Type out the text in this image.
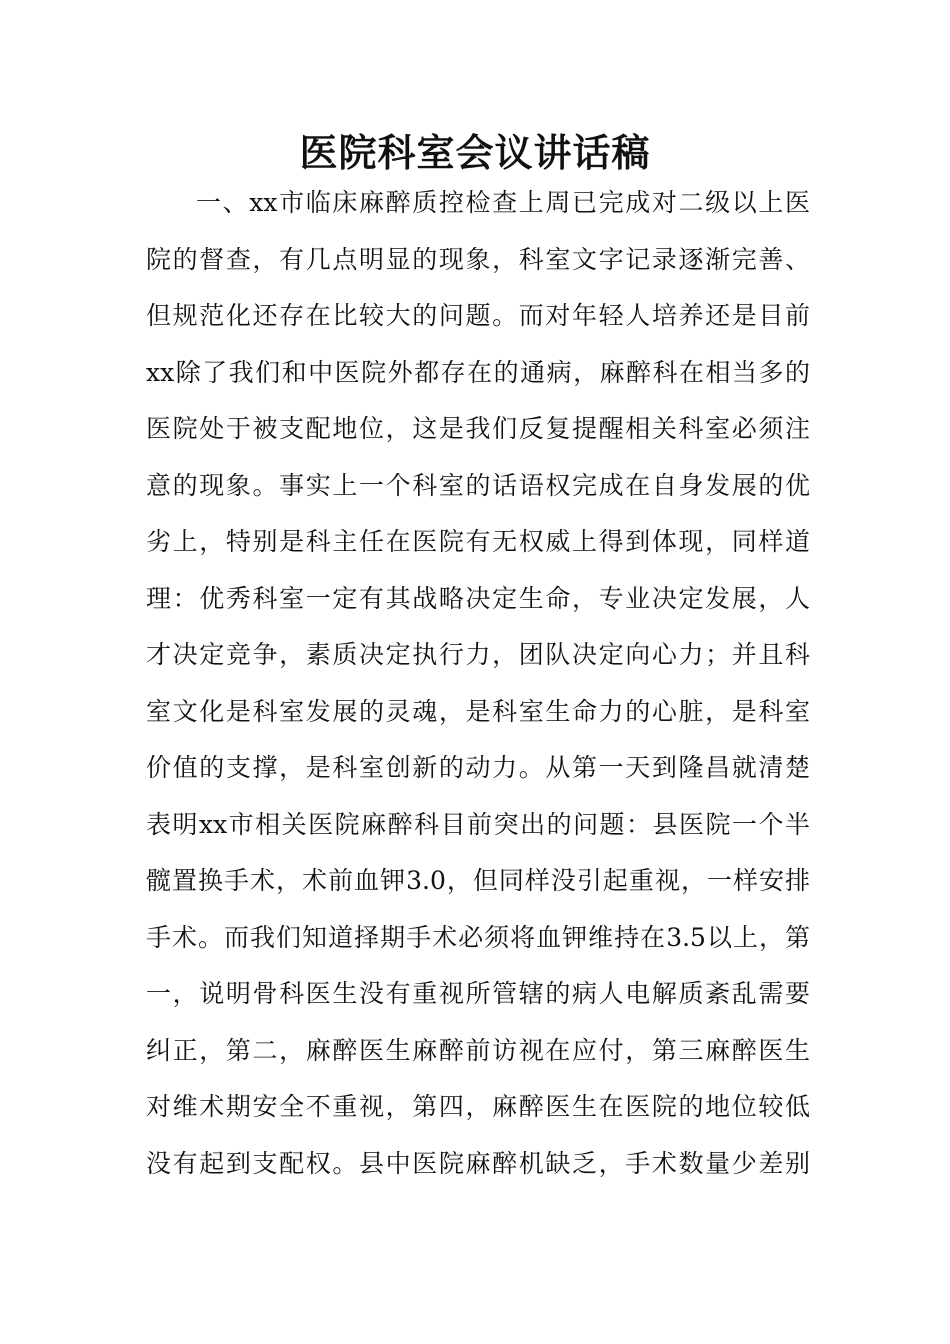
医院科室会议讲话稿
一、xx市临床麻醉质控检查上周已完成对二级以上医
院的督查，有几点明显的现象，科室文字记录逐渐完善、
但规范化还存在比较大的问题。而对年轻人培养还是目前
xx除了我们和中医院外都存在的通病，麻醉科在相当多的
医院处于被支配地位，这是我们反复提醒相关科室必须注
意的现象。事实上一个科室的话语权完成在自身发展的优
劣上，特别是科主任在医院有无权威上得到体现，同样道
理：优秀科室一定有其战略决定生命，专业决定发展，人
才决定竞争，素质决定执行力，团队决定向心力；并且科
室文化是科室发展的灵魂，是科室生命力的心脏，是科室
价值的支撑，是科室创新的动力。从第一天到隆昌就清楚
表明xx市相关医院麻醉科目前突出的问题：县医院一个半
髋置换手术，术前血钾3.0，但同样没引起重视，一样安排
手术。而我们知道择期手术必须将血钾维持在3.5以上，第
一，说明骨科医生没有重视所管辖的病人电解质紊乱需要
纠正，第二，麻醉医生麻醉前访视在应付，第三麻醉医生
对维术期安全不重视，第四，麻醉医生在医院的地位较低
没有起到支配权。县中医院麻醉机缺乏，手术数量少差别
